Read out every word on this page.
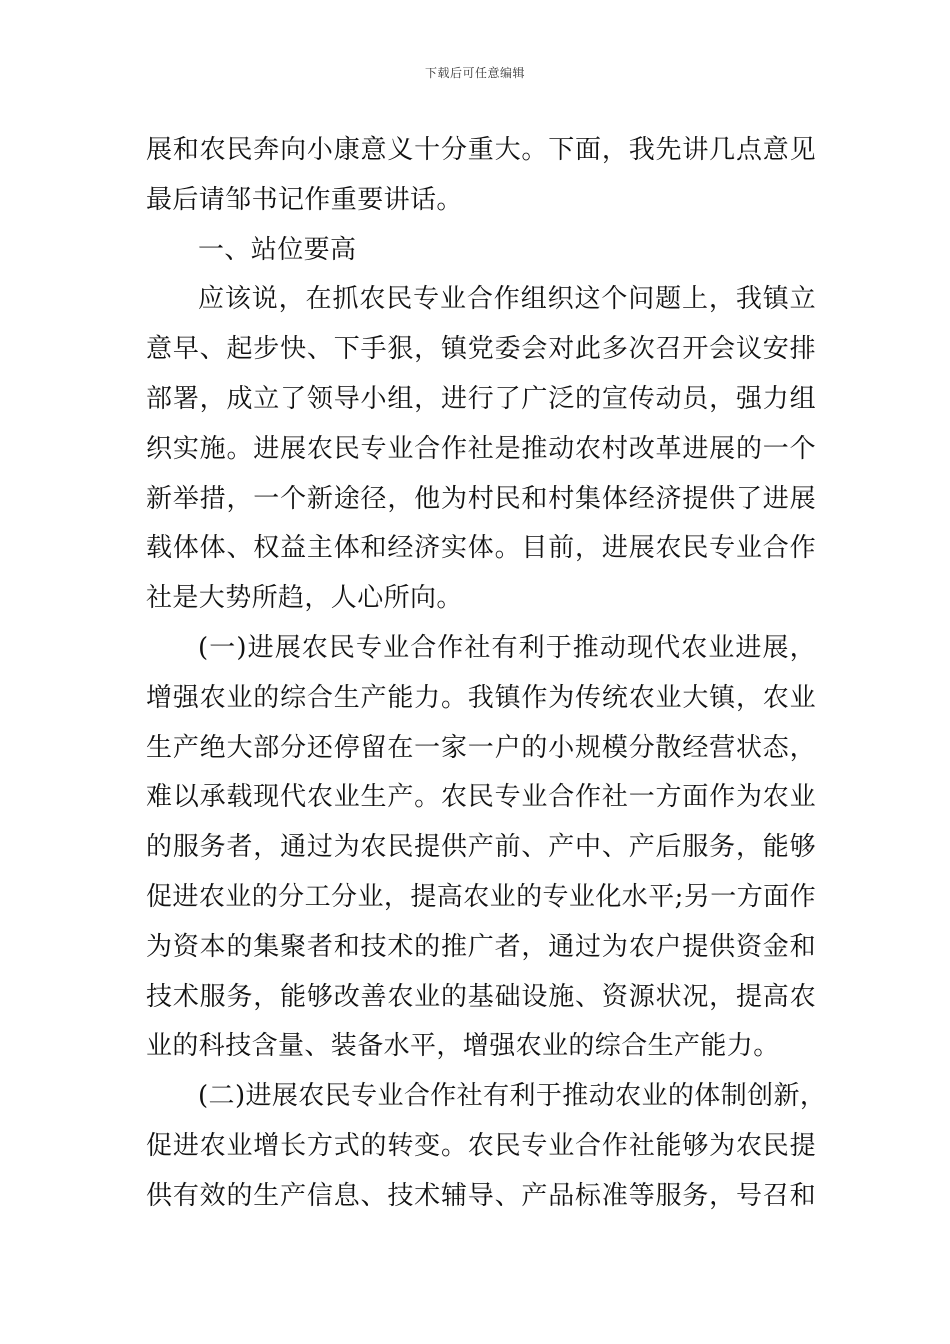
下载后可任意编辑
展和农民奔向小康意义十分重大。下面，我先讲几点意见
最后请邹书记作重要讲话。
一、站位要高
应该说，在抓农民专业合作组织这个问题上，我镇立
意早、起步快、下手狠，镇党委会对此多次召开会议安排
部署，成立了领导小组，进行了广泛的宣传动员，强力组
织实施。进展农民专业合作社是推动农村改革进展的一个
新举措，一个新途径，他为村民和村集体经济提供了进展
载体体、权益主体和经济实体。目前，进展农民专业合作
社是大势所趋，人心所向。
(一)进展农民专业合作社有利于推动现代农业进展，
增强农业的综合生产能力。我镇作为传统农业大镇，农业
生产绝大部分还停留在一家一户的小规模分散经营状态，
难以承载现代农业生产。农民专业合作社一方面作为农业
的服务者，通过为农民提供产前、产中、产后服务，能够
促进农业的分工分业，提高农业的专业化水平;另一方面作
为资本的集聚者和技术的推广者，通过为农户提供资金和
技术服务，能够改善农业的基础设施、资源状况，提高农
业的科技含量、装备水平，增强农业的综合生产能力。
(二)进展农民专业合作社有利于推动农业的体制创新，
促进农业增长方式的转变。农民专业合作社能够为农民提
供有效的生产信息、技术辅导、产品标准等服务，号召和
